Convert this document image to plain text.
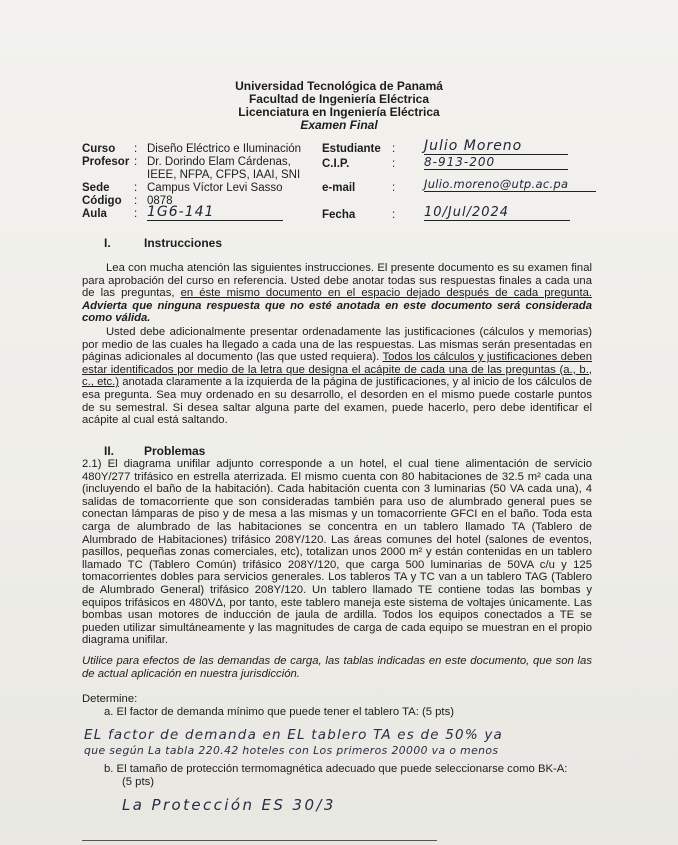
Universidad Tecnológica de Panamá
Facultad de Ingeniería Eléctrica
Licenciatura en Ingeniería Eléctrica
Examen Final
Curso : Diseño Eléctrico e Iluminación
Profesor : Dr. Dorindo Elam Cárdenas,
IEEE, NFPA, CFPS, IAAI, SNI
Sede : Campus Víctor Levi Sasso
Código : 0878
Aula : 1G6-141
Estudiante : Julio Moreno
C.I.P.	: 8-913-200
e-mail	:	Julio.moreno@utp.ac.pa
Fecha	: 10/Jul/2024
I.	Instrucciones
Lea con mucha atención las siguientes instrucciones. El presente documento es su examen final para aprobación del curso en referencia. Usted debe anotar todas sus respuestas finales a cada una de las preguntas, en éste mismo documento en el espacio dejado después de cada pregunta. Advierta que ninguna respuesta que no esté anotada en este documento será considerada como válida.
Usted debe adicionalmente presentar ordenadamente las justificaciones (cálculos y memorias) por medio de las cuales ha llegado a cada una de las respuestas. Las mismas serán presentadas en páginas adicionales al documento (las que usted requiera). Todos los cálculos y justificaciones deben estar identificados por medio de la letra que designa el acápite de cada una de las preguntas (a., b., c., etc.) anotada claramente a la izquierda de la página de justificaciones, y al inicio de los cálculos de esa pregunta. Sea muy ordenado en su desarrollo, el desorden en el mismo puede costarle puntos de su semestral. Si desea saltar alguna parte del examen, puede hacerlo, pero debe identificar el acápite al cual está saltando.
II. Problemas
2.1) El diagrama unifilar adjunto corresponde a un hotel, el cual tiene alimentación de servicio 480Y/277 trifásico en estrella aterrizada. El mismo cuenta con 80 habitaciones de 32.5 m² cada una (incluyendo el baño de la habitación). Cada habitación cuenta con 3 luminarias (50 VA cada una), 4 salidas de tomacorriente que son consideradas también para uso de alumbrado general pues se conectan lámparas de piso y de mesa a las mismas y un tomacorriente GFCI en el baño. Toda esta carga de alumbrado de las habitaciones se concentra en un tablero llamado TA (Tablero de Alumbrado de Habitaciones) trifásico 208Y/120. Las áreas comunes del hotel (salones de eventos, pasillos, pequeñas zonas comerciales, etc), totalizan unos 2000 m² y están contenidas en un tablero llamado TC (Tablero Común) trifásico 208Y/120, que carga 500 luminarias de 50VA c/u y 125 tomacorrientes dobles para servicios generales. Los tableros TA y TC van a un tablero TAG (Tablero de Alumbrado General) trifásico 208Y/120. Un tablero llamado TE contiene todas las bombas y equipos trifásicos en 480VΔ, por tanto, este tablero maneja este sistema de voltajes únicamente. Las bombas usan motores de inducción de jaula de ardilla. Todos los equipos conectados a TE se pueden utilizar simultáneamente y las magnitudes de carga de cada equipo se muestran en el propio diagrama unifilar.
Utilice para efectos de las demandas de carga, las tablas indicadas en este documento, que son las de actual aplicación en nuestra jurisdicción.
Determine:
a. El factor de demanda mínimo que puede tener el tablero TA: (5 pts)
EL factor de demanda en EL tablero TA es de 50% ya
que según La tabla 220.42 hoteles con Los primeros 20000 va o menos
b. El tamaño de protección termomagnética adecuado que puede seleccionarse como BK-A:
(5 pts)
La Protección ES 30/3
